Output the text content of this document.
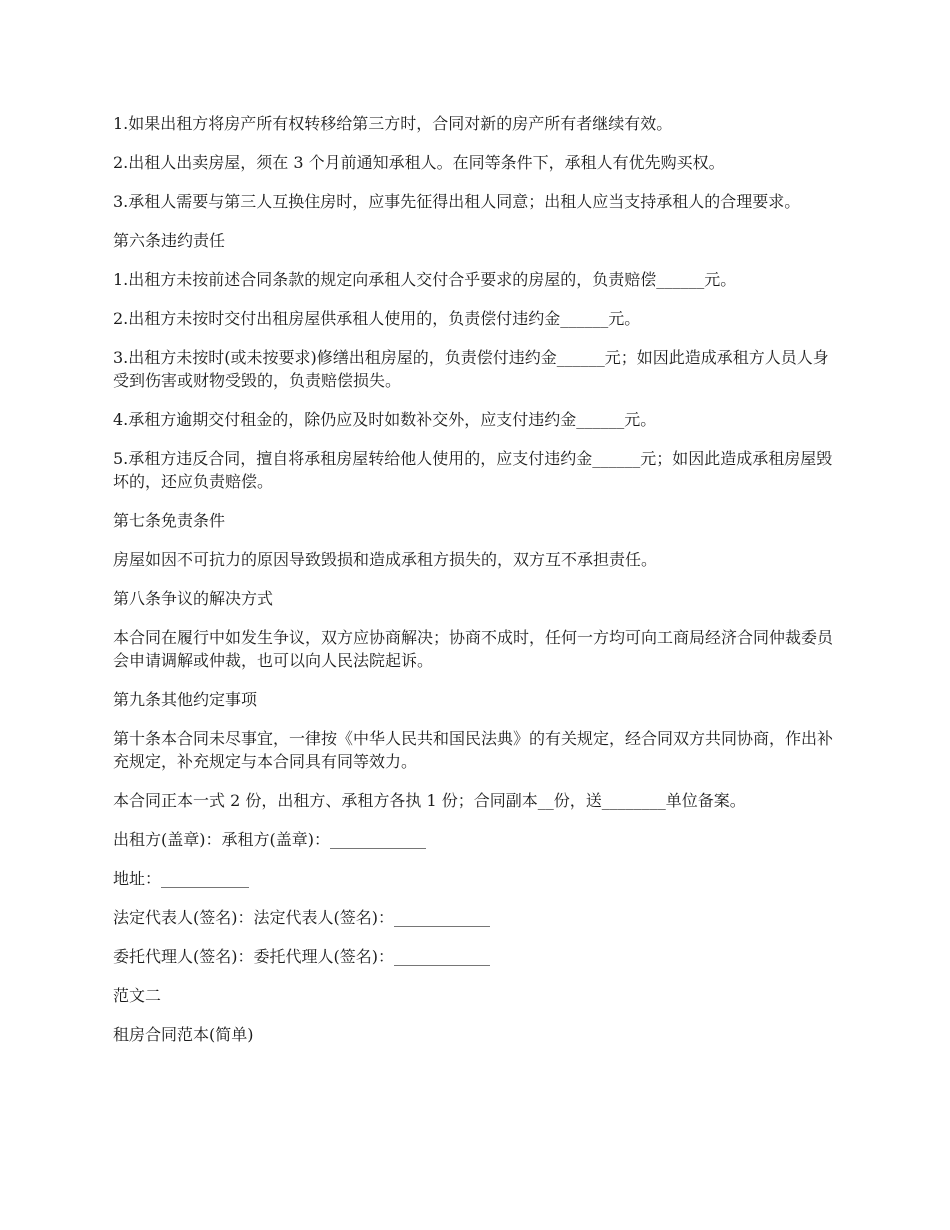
1.如果出租方将房产所有权转移给第三方时，合同对新的房产所有者继续有效。

2.出租人出卖房屋，须在 3 个月前通知承租人。在同等条件下，承租人有优先购买权。

3.承租人需要与第三人互换住房时，应事先征得出租人同意；出租人应当支持承租人的合理要求。

第六条违约责任

1.出租方未按前述合同条款的规定向承租人交付合乎要求的房屋的，负责赔偿______元。

2.出租方未按时交付出租房屋供承租人使用的，负责偿付违约金______元。

3.出租方未按时(或未按要求)修缮出租房屋的，负责偿付违约金______元；如因此造成承租方人员人身受到伤害或财物受毁的，负责赔偿损失。

4.承租方逾期交付租金的，除仍应及时如数补交外，应支付违约金______元。

5.承租方违反合同，擅自将承租房屋转给他人使用的，应支付违约金______元；如因此造成承租房屋毁坏的，还应负责赔偿。

第七条免责条件

房屋如因不可抗力的原因导致毁损和造成承租方损失的，双方互不承担责任。

第八条争议的解决方式

本合同在履行中如发生争议，双方应协商解决；协商不成时，任何一方均可向工商局经济合同仲裁委员会申请调解或仲裁，也可以向人民法院起诉。

第九条其他约定事项

第十条本合同未尽事宜，一律按《中华人民共和国民法典》的有关规定，经合同双方共同协商，作出补充规定，补充规定与本合同具有同等效力。

本合同正本一式 2 份，出租方、承租方各执 1 份；合同副本__份，送________单位备案。

出租方(盖章)：承租方(盖章)：____________

地址：___________

法定代表人(签名)：法定代表人(签名)：____________

委托代理人(签名)：委托代理人(签名)：____________

范文二

租房合同范本(简单)
